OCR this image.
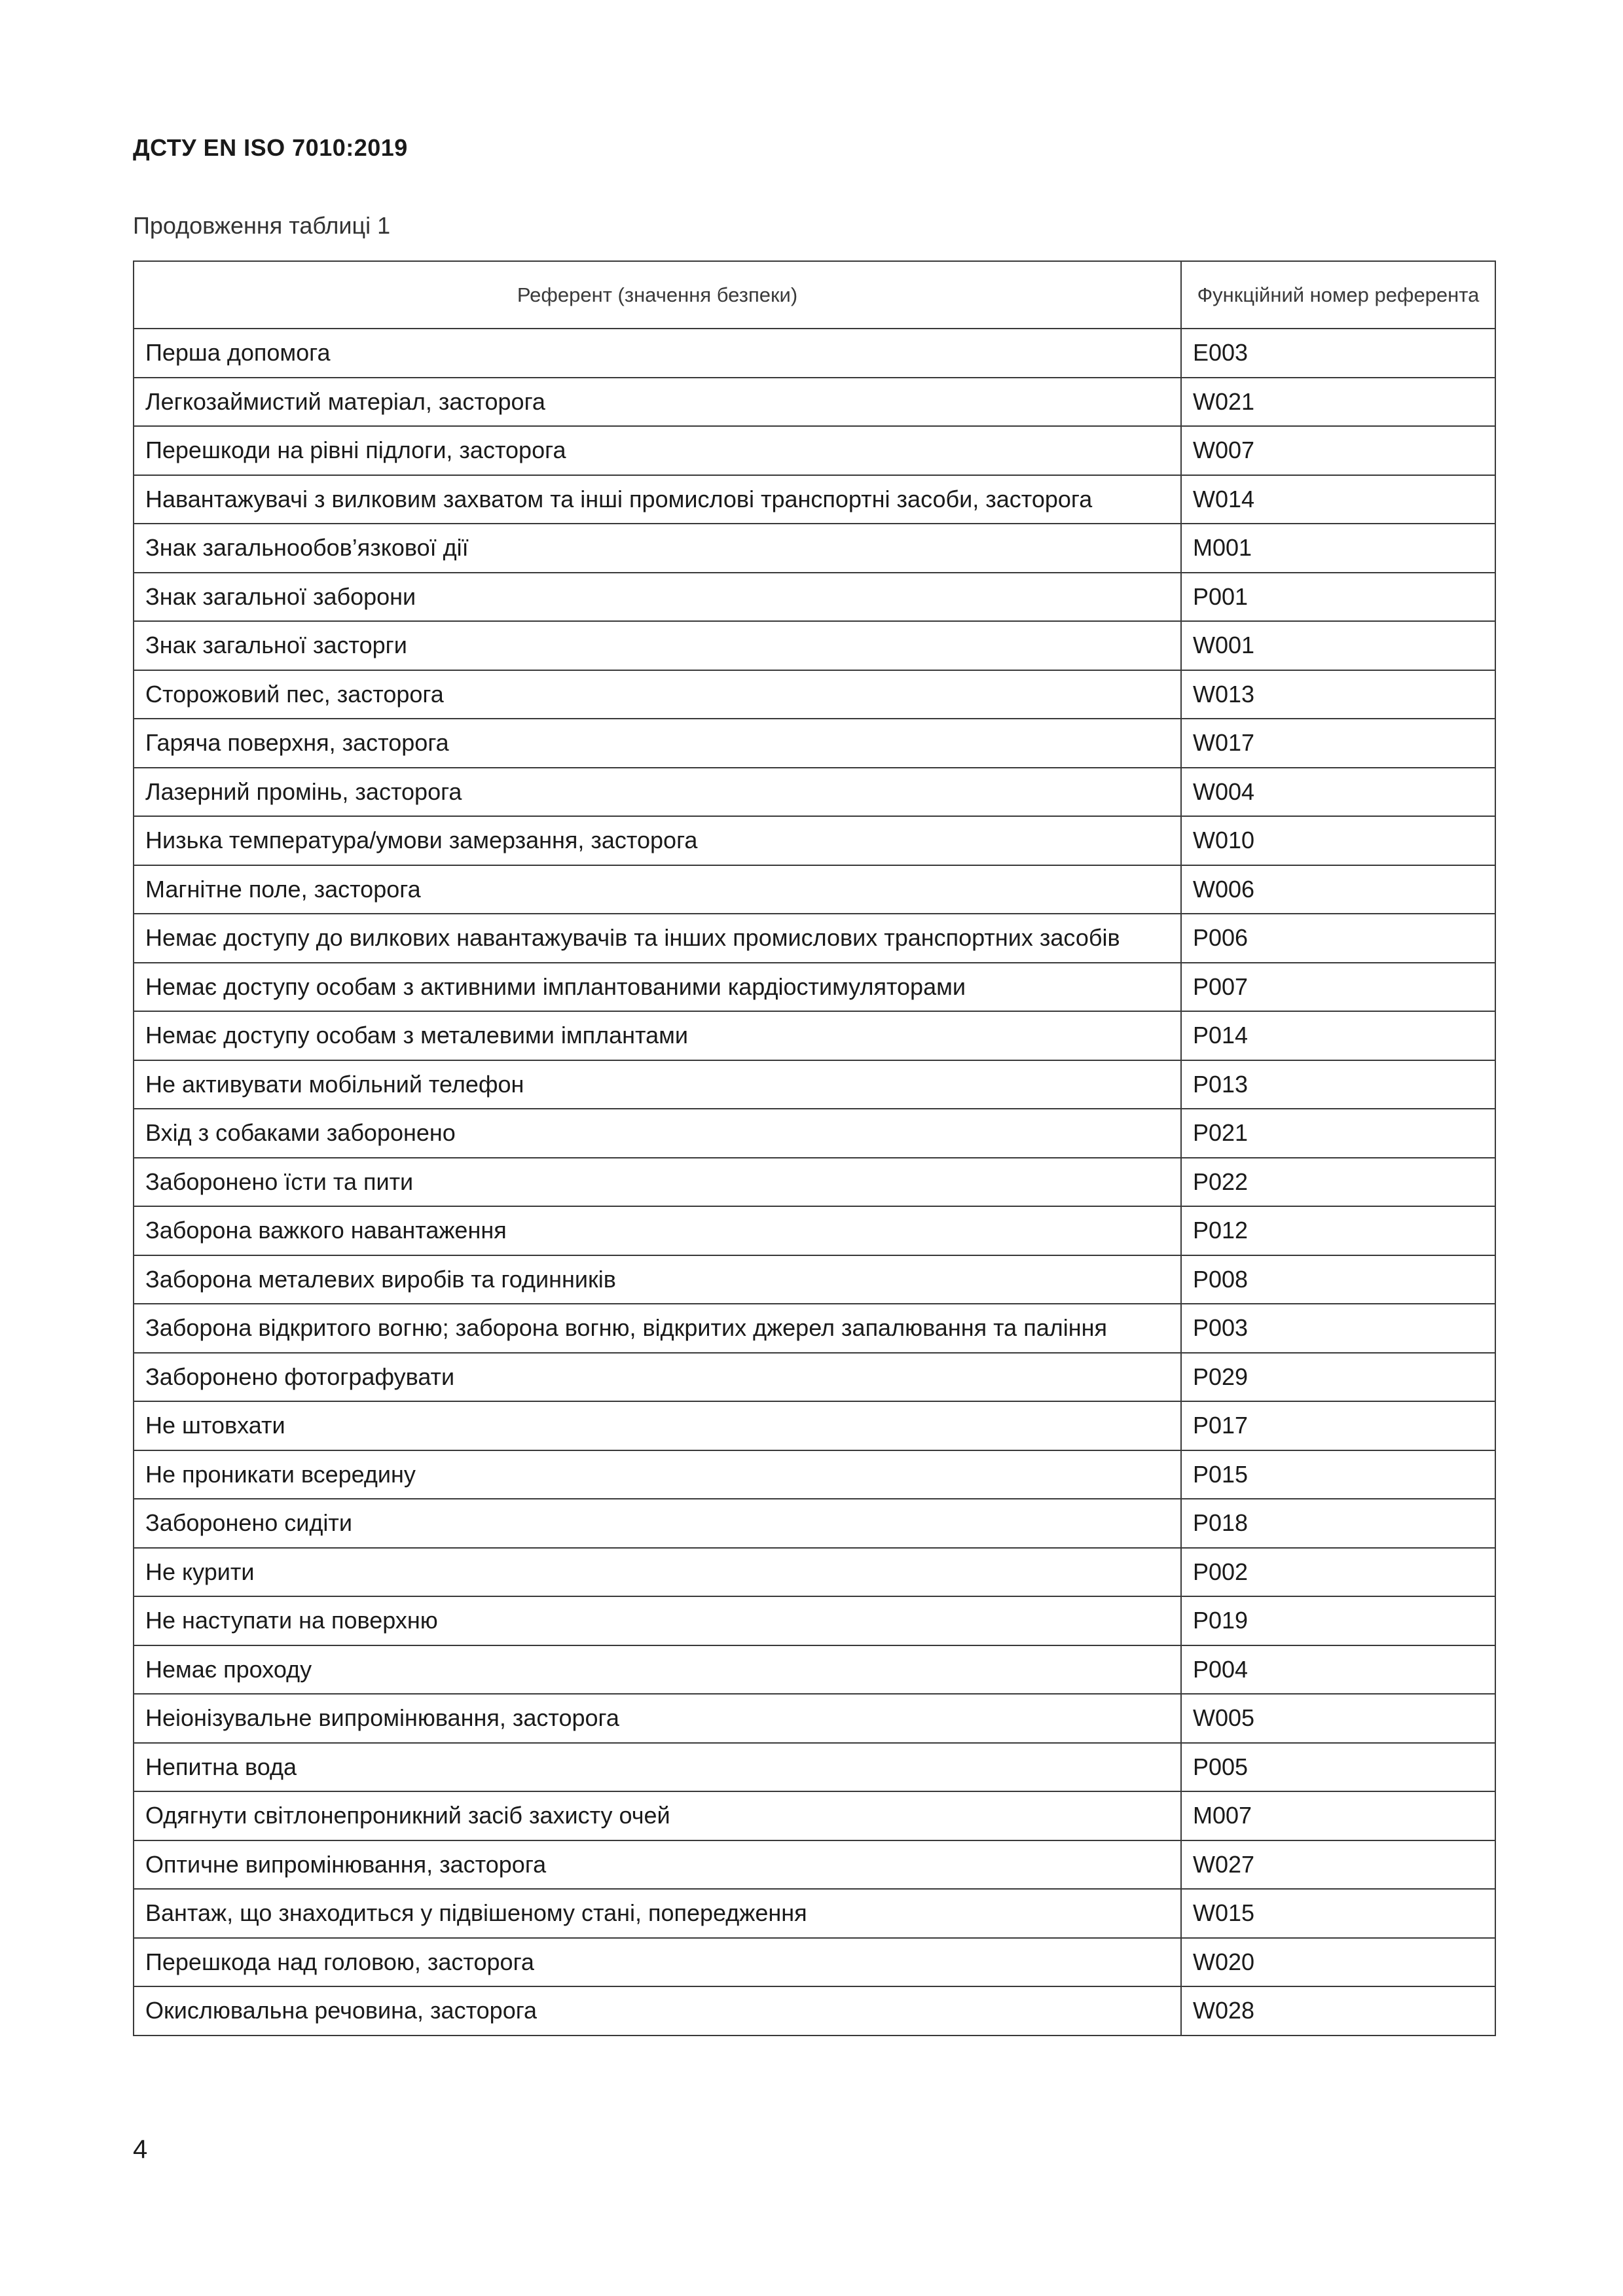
ДСТУ EN ISO 7010:2019
Продовження таблиці 1
Референт (значення безпеки)	Функційний номер референта
Перша допомога	E003
Легкозаймистий матеріал, засторога	W021
Перешкоди на рівні підлоги, засторога	W007
Навантажувачі з вилковим захватом та інші промислові транспортні засоби, засторога	W014
Знак загальнообов’язкової дії	M001
Знак загальної заборони	P001
Знак загальної засторги	W001
Сторожовий пес, засторога	W013
Гаряча поверхня, засторога	W017
Лазерний промінь, засторога	W004
Низька температура/умови замерзання, засторога	W010
Магнітне поле, засторога	W006
Немає доступу до вилкових навантажувачів та інших промислових транспортних засобів	P006
Немає доступу особам з активними імплантованими кардіостимуляторами	P007
Немає доступу особам з металевими імплантами	P014
Не активувати мобільний телефон	P013
Вхід з собаками заборонено	P021
Заборонено їсти та пити	P022
Заборона важкого навантаження	P012
Заборона металевих виробів та годинників	P008
Заборона відкритого вогню; заборона вогню, відкритих джерел запалювання та паління	P003
Заборонено фотографувати	P029
Не штовхати	P017
Не проникати всередину	P015
Заборонено сидіти	P018
Не курити	P002
Не наступати на поверхню	P019
Немає проходу	P004
Неіонізувальне випромінювання, засторога	W005
Непитна вода	P005
Одягнути світлонепроникний засіб захисту очей	M007
Оптичне випромінювання, засторога	W027
Вантаж, що знаходиться у підвішеному стані, попередження	W015
Перешкода над головою, засторога	W020
Окислювальна речовина, засторога	W028
4
